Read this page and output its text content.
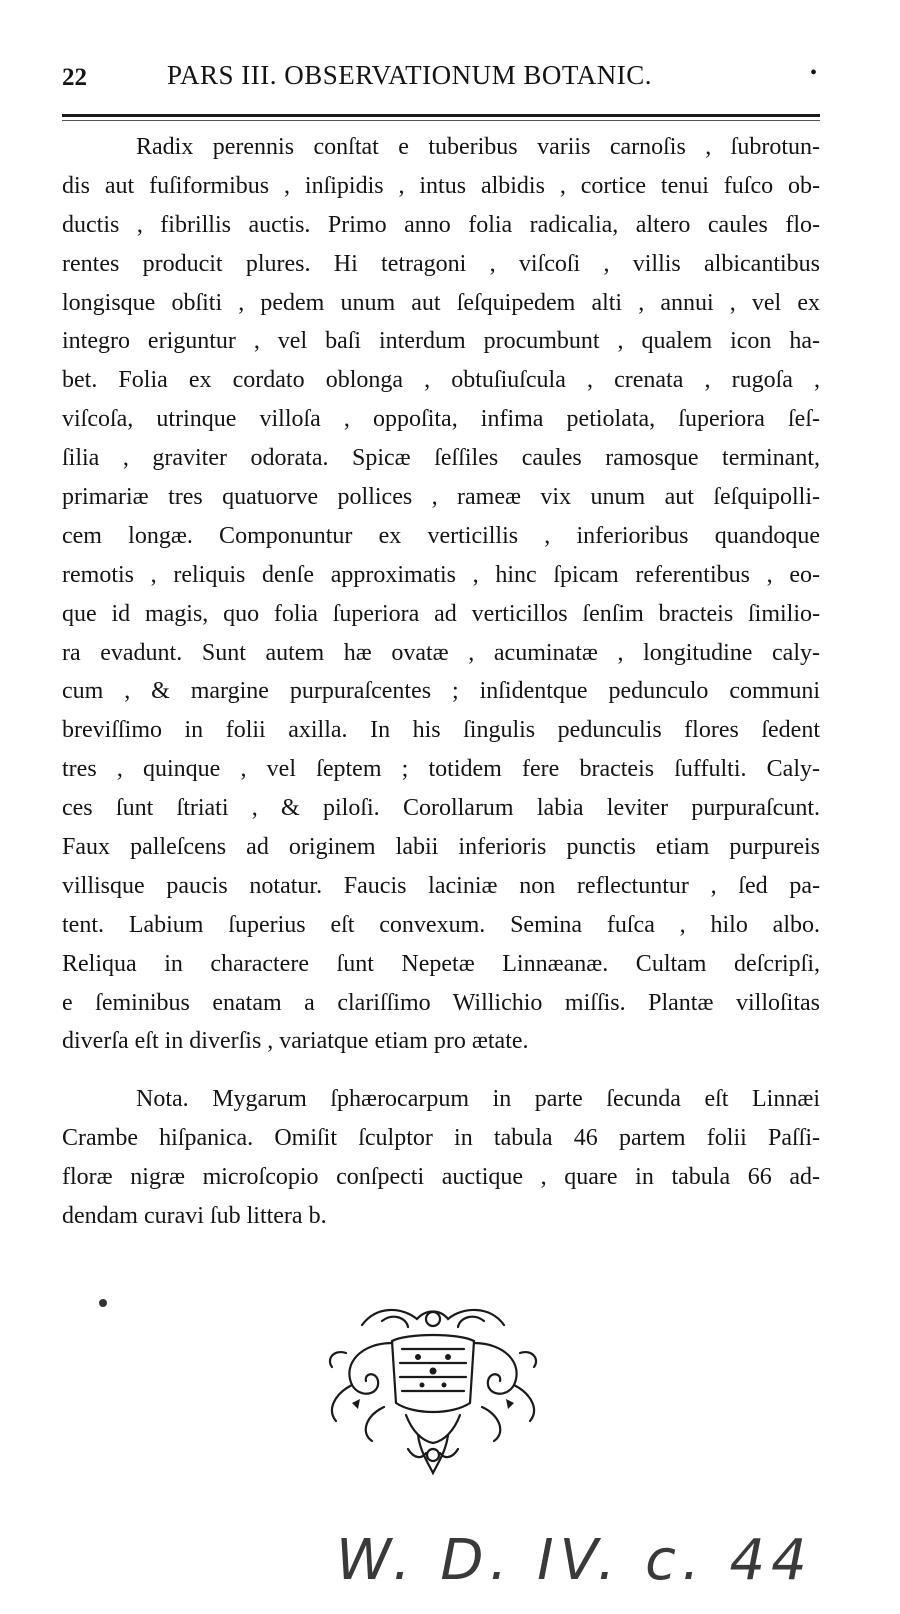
22	PARS III. OBSERVATIONUM BOTANIC.	•
Radix perennis conſtat e tuberibus variis carnoſis , ſubrotun-
dis aut fuſiformibus , inſipidis , intus albidis , cortice tenui fuſco ob-
ductis , fibrillis auctis. Primo anno folia radicalia, altero caules flo-
rentes producit plures. Hi tetragoni , viſcoſi , villis albicantibus
longisque obſiti , pedem unum aut ſeſquipedem alti , annui , vel ex
integro eriguntur , vel baſi interdum procumbunt , qualem icon ha-
bet. Folia ex cordato oblonga , obtuſiuſcula , crenata , rugoſa ,
viſcoſa, utrinque villoſa , oppoſita, infima petiolata, ſuperiora ſeſ-
ſilia , graviter odorata. Spicæ ſeſſiles caules ramosque terminant,
primariæ tres quatuorve pollices , rameæ vix unum aut ſeſquipolli-
cem longæ. Componuntur ex verticillis , inferioribus quandoque
remotis , reliquis denſe approximatis , hinc ſpicam referentibus , eo-
que id magis, quo folia ſuperiora ad verticillos ſenſim bracteis ſimilio-
ra evadunt. Sunt autem hæ ovatæ , acuminatæ , longitudine caly-
cum , & margine purpuraſcentes ; inſidentque pedunculo communi
breviſſimo in folii axilla. In his ſingulis pedunculis flores ſedent
tres , quinque , vel ſeptem ; totidem fere bracteis ſuffulti. Caly-
ces ſunt ſtriati , & piloſi. Corollarum labia leviter purpuraſcunt.
Faux palleſcens ad originem labii inferioris punctis etiam purpureis
villisque paucis notatur. Faucis laciniæ non reflectuntur , ſed pa-
tent. Labium ſuperius eſt convexum. Semina fuſca , hilo albo.
Reliqua in charactere ſunt Nepetæ Linnæanæ. Cultam deſcripſi,
e ſeminibus enatam a clariſſimo Willichio miſſis. Plantæ villoſitas
diverſa eſt in diverſis , variatque etiam pro ætate.
Nota. Mygarum ſphærocarpum in parte ſecunda eſt Linnæi
Crambe hiſpanica. Omiſit ſculptor in tabula 46 partem folii Paſſi-
floræ nigræ microſcopio conſpecti auctique , quare in tabula 66 ad-
dendam curavi ſub littera b.
W. D. IV. c. 44
